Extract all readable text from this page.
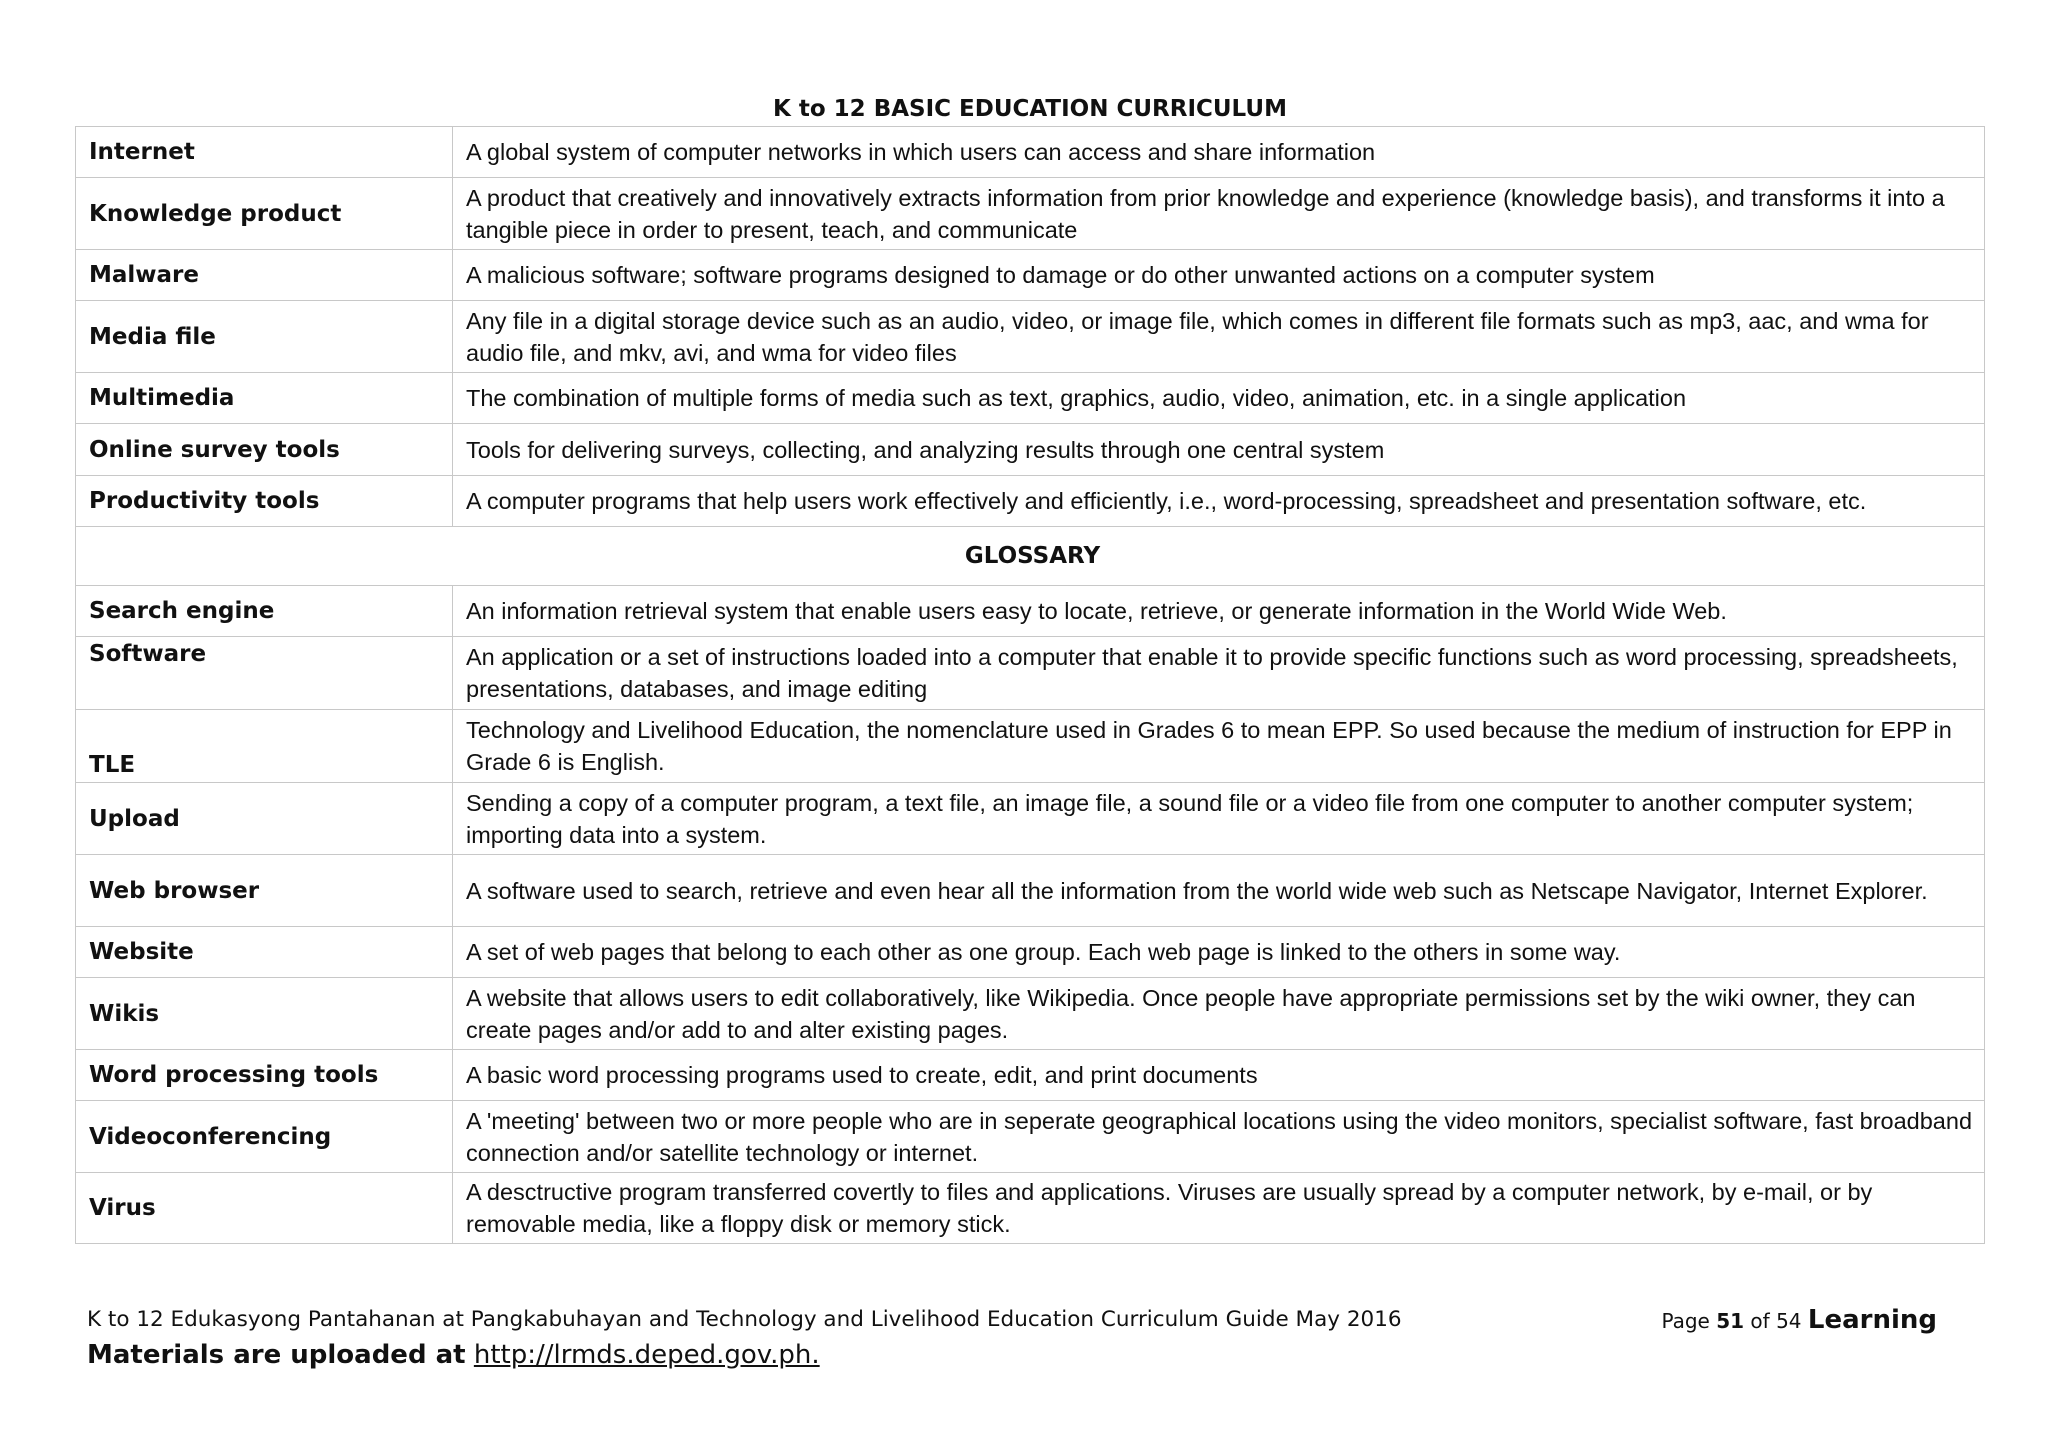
K to 12 BASIC EDUCATION CURRICULUM
Internet	A global system of computer networks in which users can access and share information
Knowledge product	A product that creatively and innovatively extracts information from prior knowledge and experience (knowledge basis), and transforms it into a tangible piece in order to present, teach, and communicate
Malware	A malicious software; software programs designed to damage or do other unwanted actions on a computer system
Media file	Any file in a digital storage device such as an audio, video, or image file, which comes in different file formats such as mp3, aac, and wma for audio file, and mkv, avi, and wma for video files
Multimedia	The combination of multiple forms of media such as text, graphics, audio, video, animation, etc. in a single application
Online survey tools	Tools for delivering surveys, collecting, and analyzing results through one central system
Productivity tools	A computer programs that help users work effectively and efficiently, i.e., word-processing, spreadsheet and presentation software, etc.
GLOSSARY	
Search engine	An information retrieval system that enable users easy to locate, retrieve, or generate information in the World Wide Web.
Software	An application or a set of instructions loaded into a computer that enable it to provide specific functions such as word processing, spreadsheets, presentations, databases, and image editing
TLE	Technology and Livelihood Education, the nomenclature used in Grades 6 to mean EPP. So used because the medium of instruction for EPP in Grade 6 is English.
Upload	Sending a copy of a computer program, a text file, an image file, a sound file or a video file from one computer to another computer system; importing data into a system.
Web browser	A software used to search, retrieve and even hear all the information from the world wide web such as Netscape Navigator, Internet Explorer.
Website	A set of web pages that belong to each other as one group. Each web page is linked to the others in some way.
Wikis	A website that allows users to edit collaboratively, like Wikipedia. Once people have appropriate permissions set by the wiki owner, they can create pages and/or add to and alter existing pages.
Word processing tools	A basic word processing programs used to create, edit, and print documents
Videoconferencing	A 'meeting' between two or more people who are in seperate geographical locations using the video monitors, specialist software, fast broadband connection and/or satellite technology or internet.
Virus	A desctructive program transferred covertly to files and applications. Viruses are usually spread by a computer network, by e-mail, or by removable media, like a floppy disk or memory stick.
K to 12 Edukasyong Pantahanan at Pangkabuhayan and Technology and Livelihood Education Curriculum Guide May 2016	Page 51 of 54 Learning
Materials are uploaded at http://lrmds.deped.gov.ph.
